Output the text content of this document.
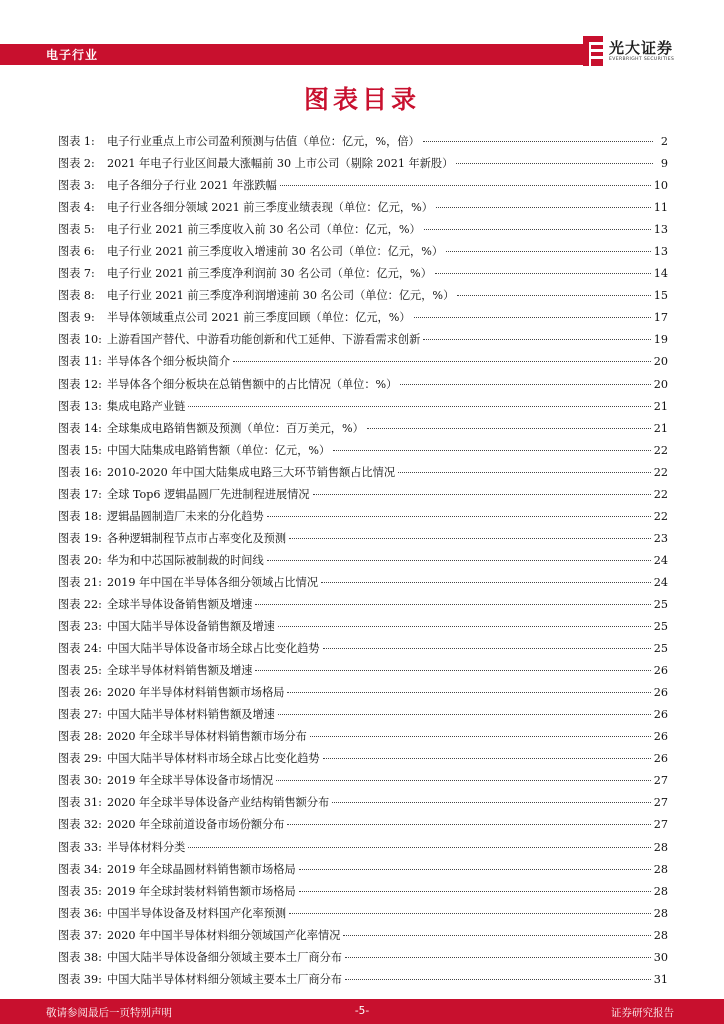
电子行业	光大证券
EVERBRIGHT SECURITIES
图表目录
图表 1:	电子行业重点上市公司盈利预测与估值（单位：亿元，%，倍）	2
图表 2:	2021 年电子行业区间最大涨幅前 30 上市公司（剔除 2021 年新股）	9
图表 3:	电子各细分子行业 2021 年涨跌幅	10
图表 4:	电子行业各细分领域 2021 前三季度业绩表现（单位：亿元，%）	11
图表 5:	电子行业 2021 前三季度收入前 30 名公司（单位：亿元，%）	13
图表 6:	电子行业 2021 前三季度收入增速前 30 名公司（单位：亿元，%）	13
图表 7:	电子行业 2021 前三季度净利润前 30 名公司（单位：亿元，%）	14
图表 8:	电子行业 2021 前三季度净利润增速前 30 名公司（单位：亿元，%）	15
图表 9:	半导体领域重点公司 2021 前三季度回顾（单位：亿元，%）	17
图表 10: 上游看国产替代、中游看功能创新和代工延伸、下游看需求创新	19
图表 11: 半导体各个细分板块简介	20
图表 12: 半导体各个细分板块在总销售额中的占比情况（单位：%）	20
图表 13: 集成电路产业链	21
图表 14: 全球集成电路销售额及预测（单位：百万美元，%）	21
图表 15: 中国大陆集成电路销售额（单位：亿元，%）	22
图表 16: 2010-2020 年中国大陆集成电路三大环节销售额占比情况	22
图表 17: 全球 Top6 逻辑晶圆厂先进制程进展情况	22
图表 18: 逻辑晶圆制造厂未来的分化趋势	22
图表 19: 各种逻辑制程节点市占率变化及预测	23
图表 20: 华为和中芯国际被制裁的时间线	24
图表 21: 2019 年中国在半导体各细分领域占比情况	24
图表 22: 全球半导体设备销售额及增速	25
图表 23: 中国大陆半导体设备销售额及增速	25
图表 24: 中国大陆半导体设备市场全球占比变化趋势	25
图表 25: 全球半导体材料销售额及增速	26
图表 26: 2020 年半导体材料销售额市场格局	26
图表 27: 中国大陆半导体材料销售额及增速	26
图表 28: 2020 年全球半导体材料销售额市场分布	26
图表 29: 中国大陆半导体材料市场全球占比变化趋势	26
图表 30: 2019 年全球半导体设备市场情况	27
图表 31: 2020 年全球半导体设备产业结构销售额分布	27
图表 32: 2020 年全球前道设备市场份额分布	27
图表 33: 半导体材料分类	28
图表 34: 2019 年全球晶圆材料销售额市场格局	28
图表 35: 2019 年全球封装材料销售额市场格局	28
图表 36: 中国半导体设备及材料国产化率预测	28
图表 37: 2020 年中国半导体材料细分领域国产化率情况	28
图表 38: 中国大陆半导体设备细分领域主要本土厂商分布	30
图表 39: 中国大陆半导体材料细分领域主要本土厂商分布	31
敬请参阅最后一页特别声明	-5-	证券研究报告
